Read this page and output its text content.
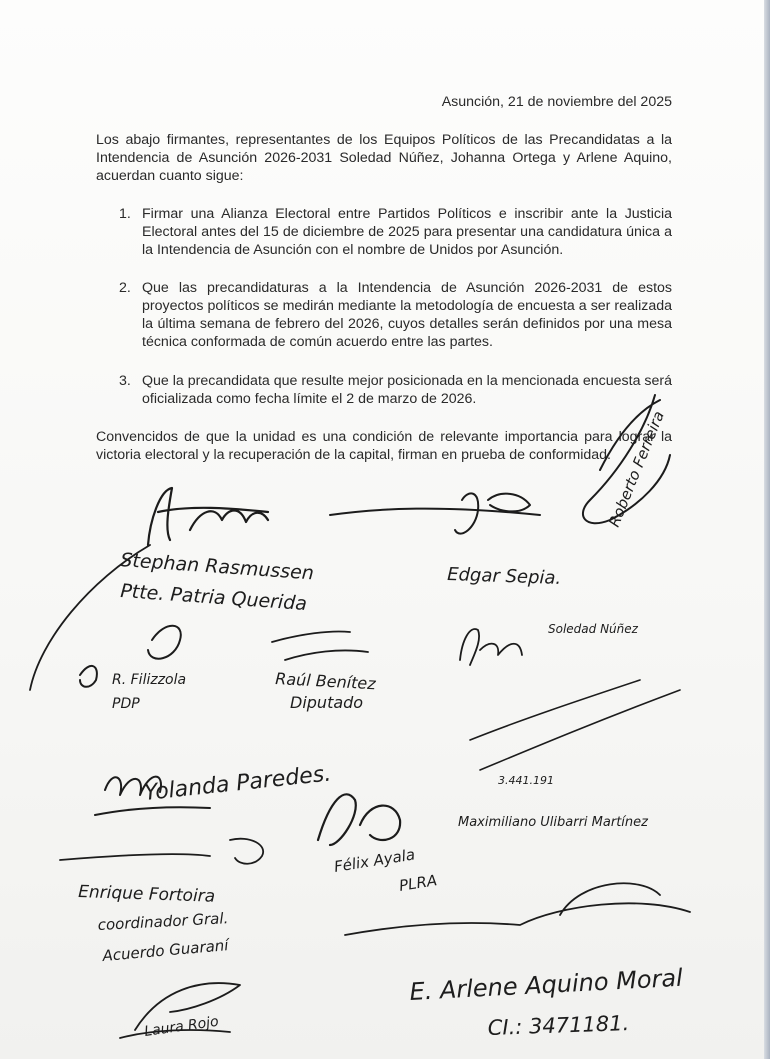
Asunción, 21 de noviembre del 2025
Los abajo firmantes, representantes de los Equipos Políticos de las Precandidatas a la Intendencia de Asunción 2026-2031 Soledad Núñez, Johanna Ortega y Arlene Aquino, acuerdan cuanto sigue:
1. Firmar una Alianza Electoral entre Partidos Políticos e inscribir ante la Justicia Electoral antes del 15 de diciembre de 2025 para presentar una candidatura única a la Intendencia de Asunción con el nombre de Unidos por Asunción.
2. Que las precandidaturas a la Intendencia de Asunción 2026-2031 de estos proyectos políticos se medirán mediante la metodología de encuesta a ser realizada la última semana de febrero del 2026, cuyos detalles serán definidos por una mesa técnica conformada de común acuerdo entre las partes.
3. Que la precandidata que resulte mejor posicionada en la mencionada encuesta será oficializada como fecha límite el 2 de marzo de 2026.
Convencidos de que la unidad es una condición de relevante importancia para lograr la victoria electoral y la recuperación de la capital, firman en prueba de conformidad.
Stephan Rasmussen
Ptte. Patria Querida
Edgar Sepia.
Roberto Ferreira
Soledad Núñez
R. Filizzola
PDP
Raúl Benítez
Diputado
Yolanda Paredes.	3.441.191
Maximiliano Ulibarri Martínez
Enrique Fortoira
coordinador Gral.
Acuerdo Guaraní
Félix Ayala
PLRA
E. Arlene Aquino Moral
CI.: 3471181.
Laura Rojo
